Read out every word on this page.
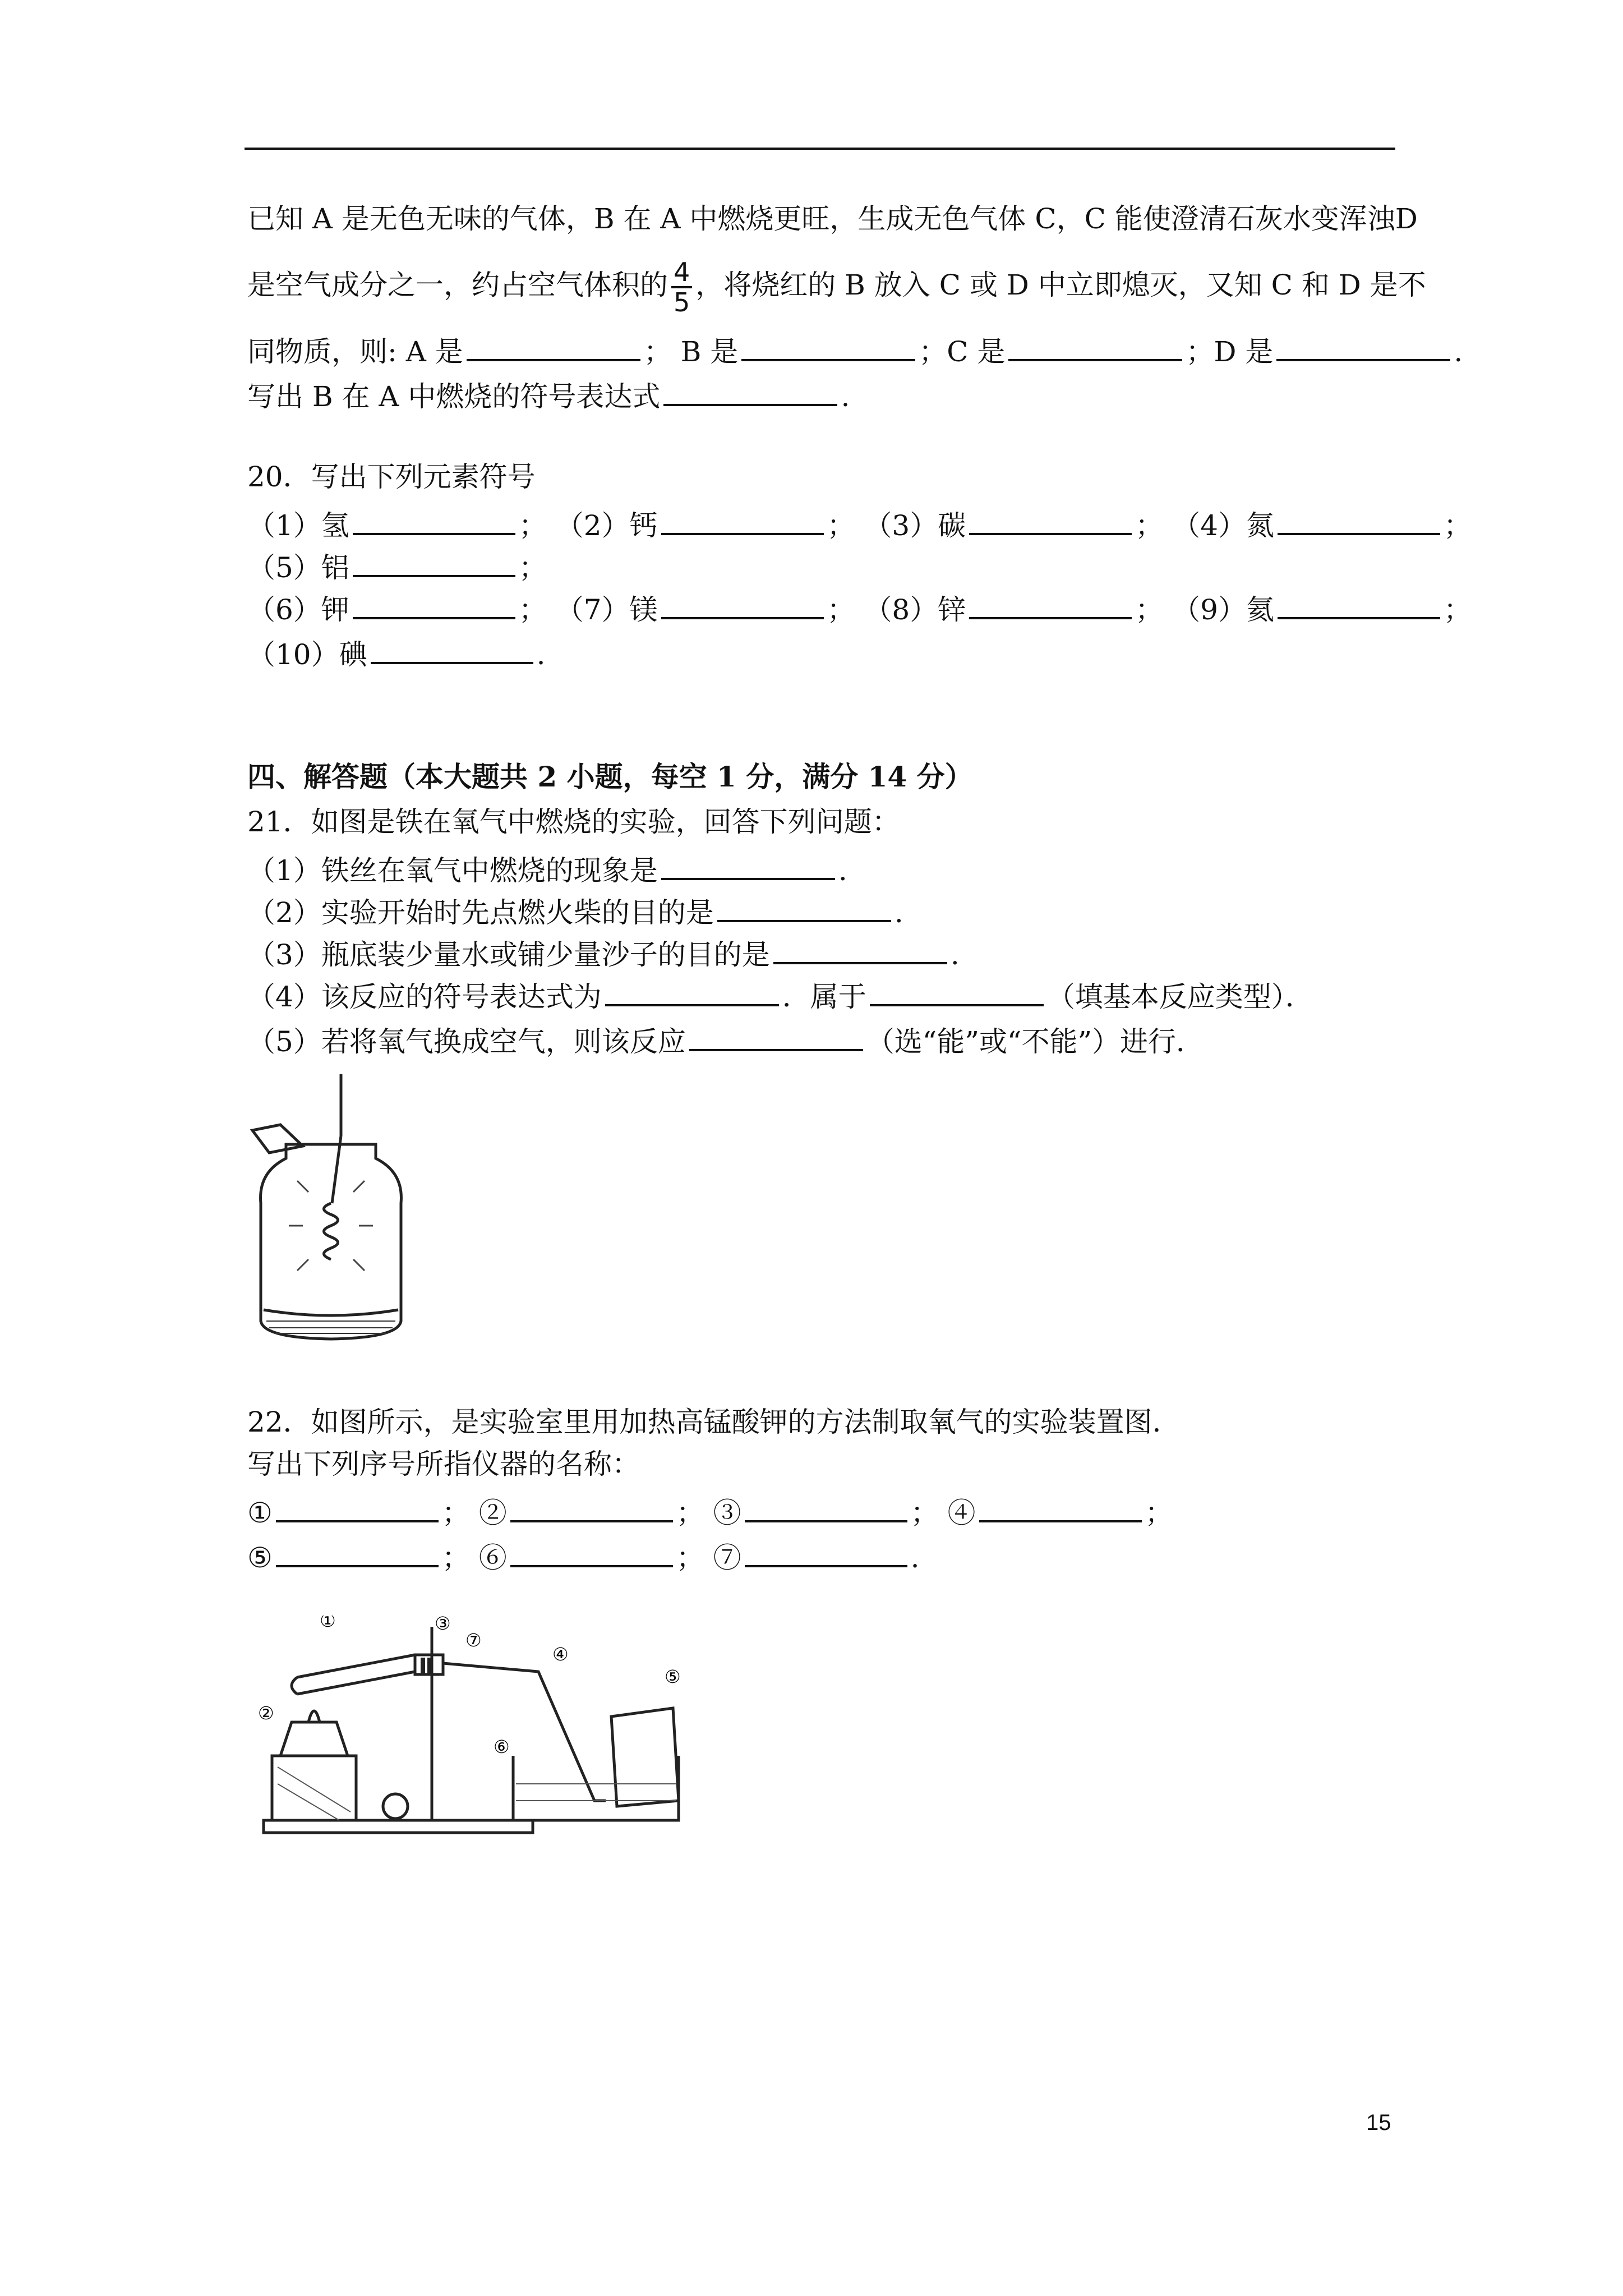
已知 A 是无色无味的气体，B 在 A 中燃烧更旺，生成无色气体 C，C 能使澄清石灰水变浑浊D
是空气成分之一，约占空气体积的 $\frac{4}{5}$ ，将烧红的 B 放入 C 或 D 中立即熄灭，又知 C 和 D 是不
同物质，则: A 是	； B 是	；C 是	；D 是	.
写出 B 在 A 中燃烧的符号表达式	.
20．写出下列元素符号
（1）氢	； （2）钙	； （3）碳	； （4）氮	；
（5）铝	；
（6）钾	； （7）镁	； （8）锌	； （9）氦	；
（10）碘	.
四、解答题（本大题共 2 小题，每空 1 分，满分 14 分）
21．如图是铁在氧气中燃烧的实验，回答下列问题：
（1）铁丝在氧气中燃烧的现象是	.
（2）实验开始时先点燃火柴的目的是	.
（3）瓶底装少量水或铺少量沙子的目的是	.
（4）该反应的符号表达式为	．属于	（填基本反应类型）．
（5）若将氧气换成空气，则该反应	（选“能”或“不能”）进行．
22．如图所示，是实验室里用加热高锰酸钾的方法制取氧气的实验装置图．
写出下列序号所指仪器的名称：
①	； ②	； ③	； ④	；
⑤	； ⑥	； ⑦	.
①	③
②
⑦
④
⑤
⑥
15
